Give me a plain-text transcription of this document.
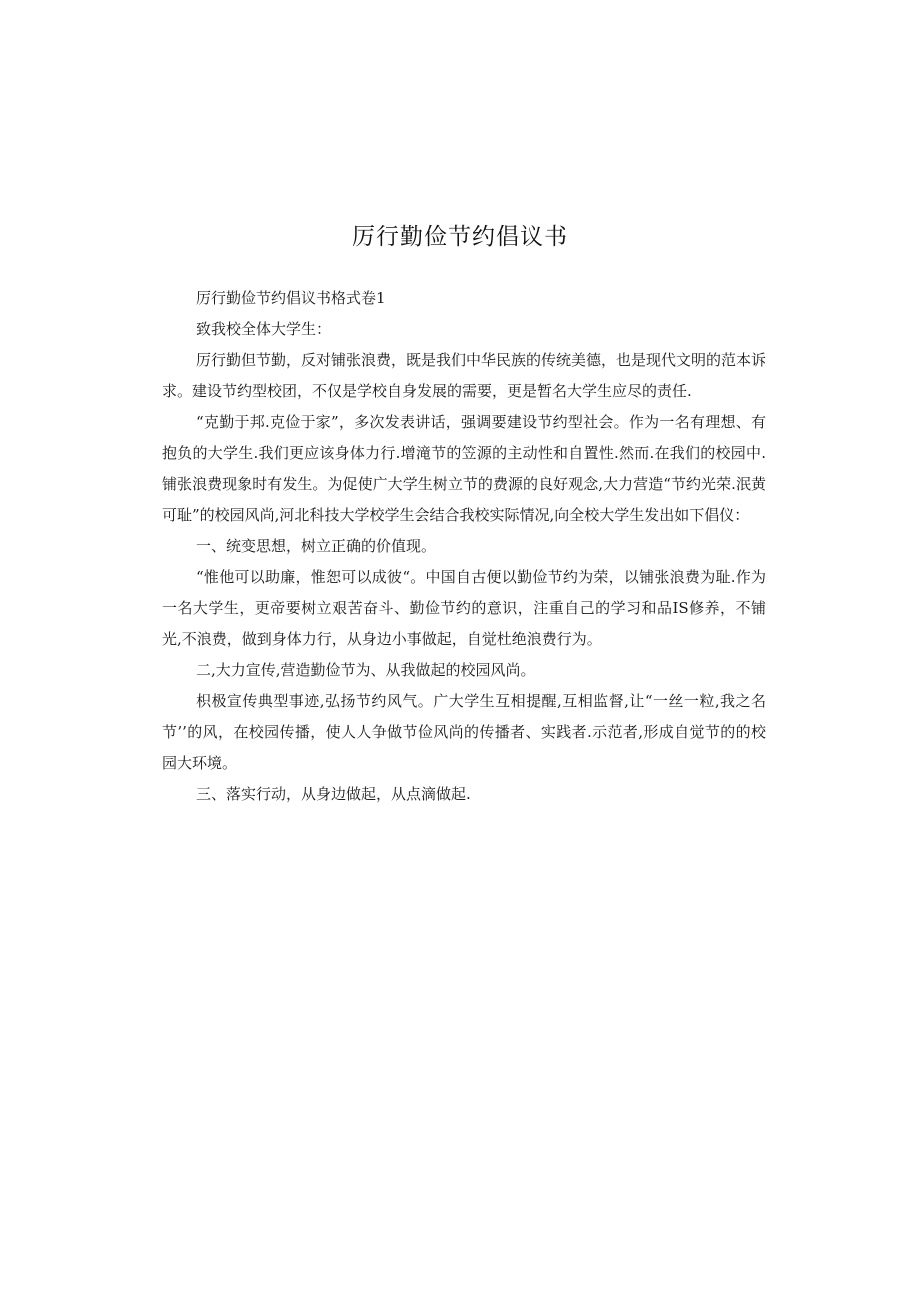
厉行勤俭节约倡议书

厉行勤俭节约倡议书格式卷1

致我校全体大学生：

厉行勤但节勤，反对铺张浪费，既是我们中华民族的传统美德，也是现代文明的范本诉求。建设节约型校团，不仅是学校自身发展的需要，更是暂名大学生应尽的责任.

“克勤于邦.克俭于家”，多次发表讲话，强调要建设节约型社会。作为一名有理想、有抱负的大学生.我们更应该身体力行.增滝节的笠源的主动性和自置性.然而.在我们的校园中.铺张浪费现象时有发生。为促使广大学生树立节的费源的良好观念,大力营造“节约光荣.泯黄可耻”的校园风尚,河北科技大学校学生会结合我校实际情况,向全校大学生发出如下倡仪：

一、统变思想，树立正确的价值现。

“惟他可以助廉，惟恕可以成彼“。中国自古便以勤俭节约为荣，以铺张浪费为耻.作为一名大学生，更帝要树立艰苦奋斗、勤俭节约的意识，注重自己的学习和品IS修养，不铺光,不浪费，做到身体力行，从身边小事做起，自觉杜绝浪费行为。

二,大力宣传,营造勤俭节为、从我做起的校园风尚。

枳极宣传典型事迹,弘扬节约风气。广大学生互相提醒,互相监督,让“一丝一粒,我之名节’’的风，在校园传播，使人人争做节俭风尚的传播者、实践者.示范者,形成自觉节的的校园大环境。

三、落实行动，从身边做起，从点滴做起.
